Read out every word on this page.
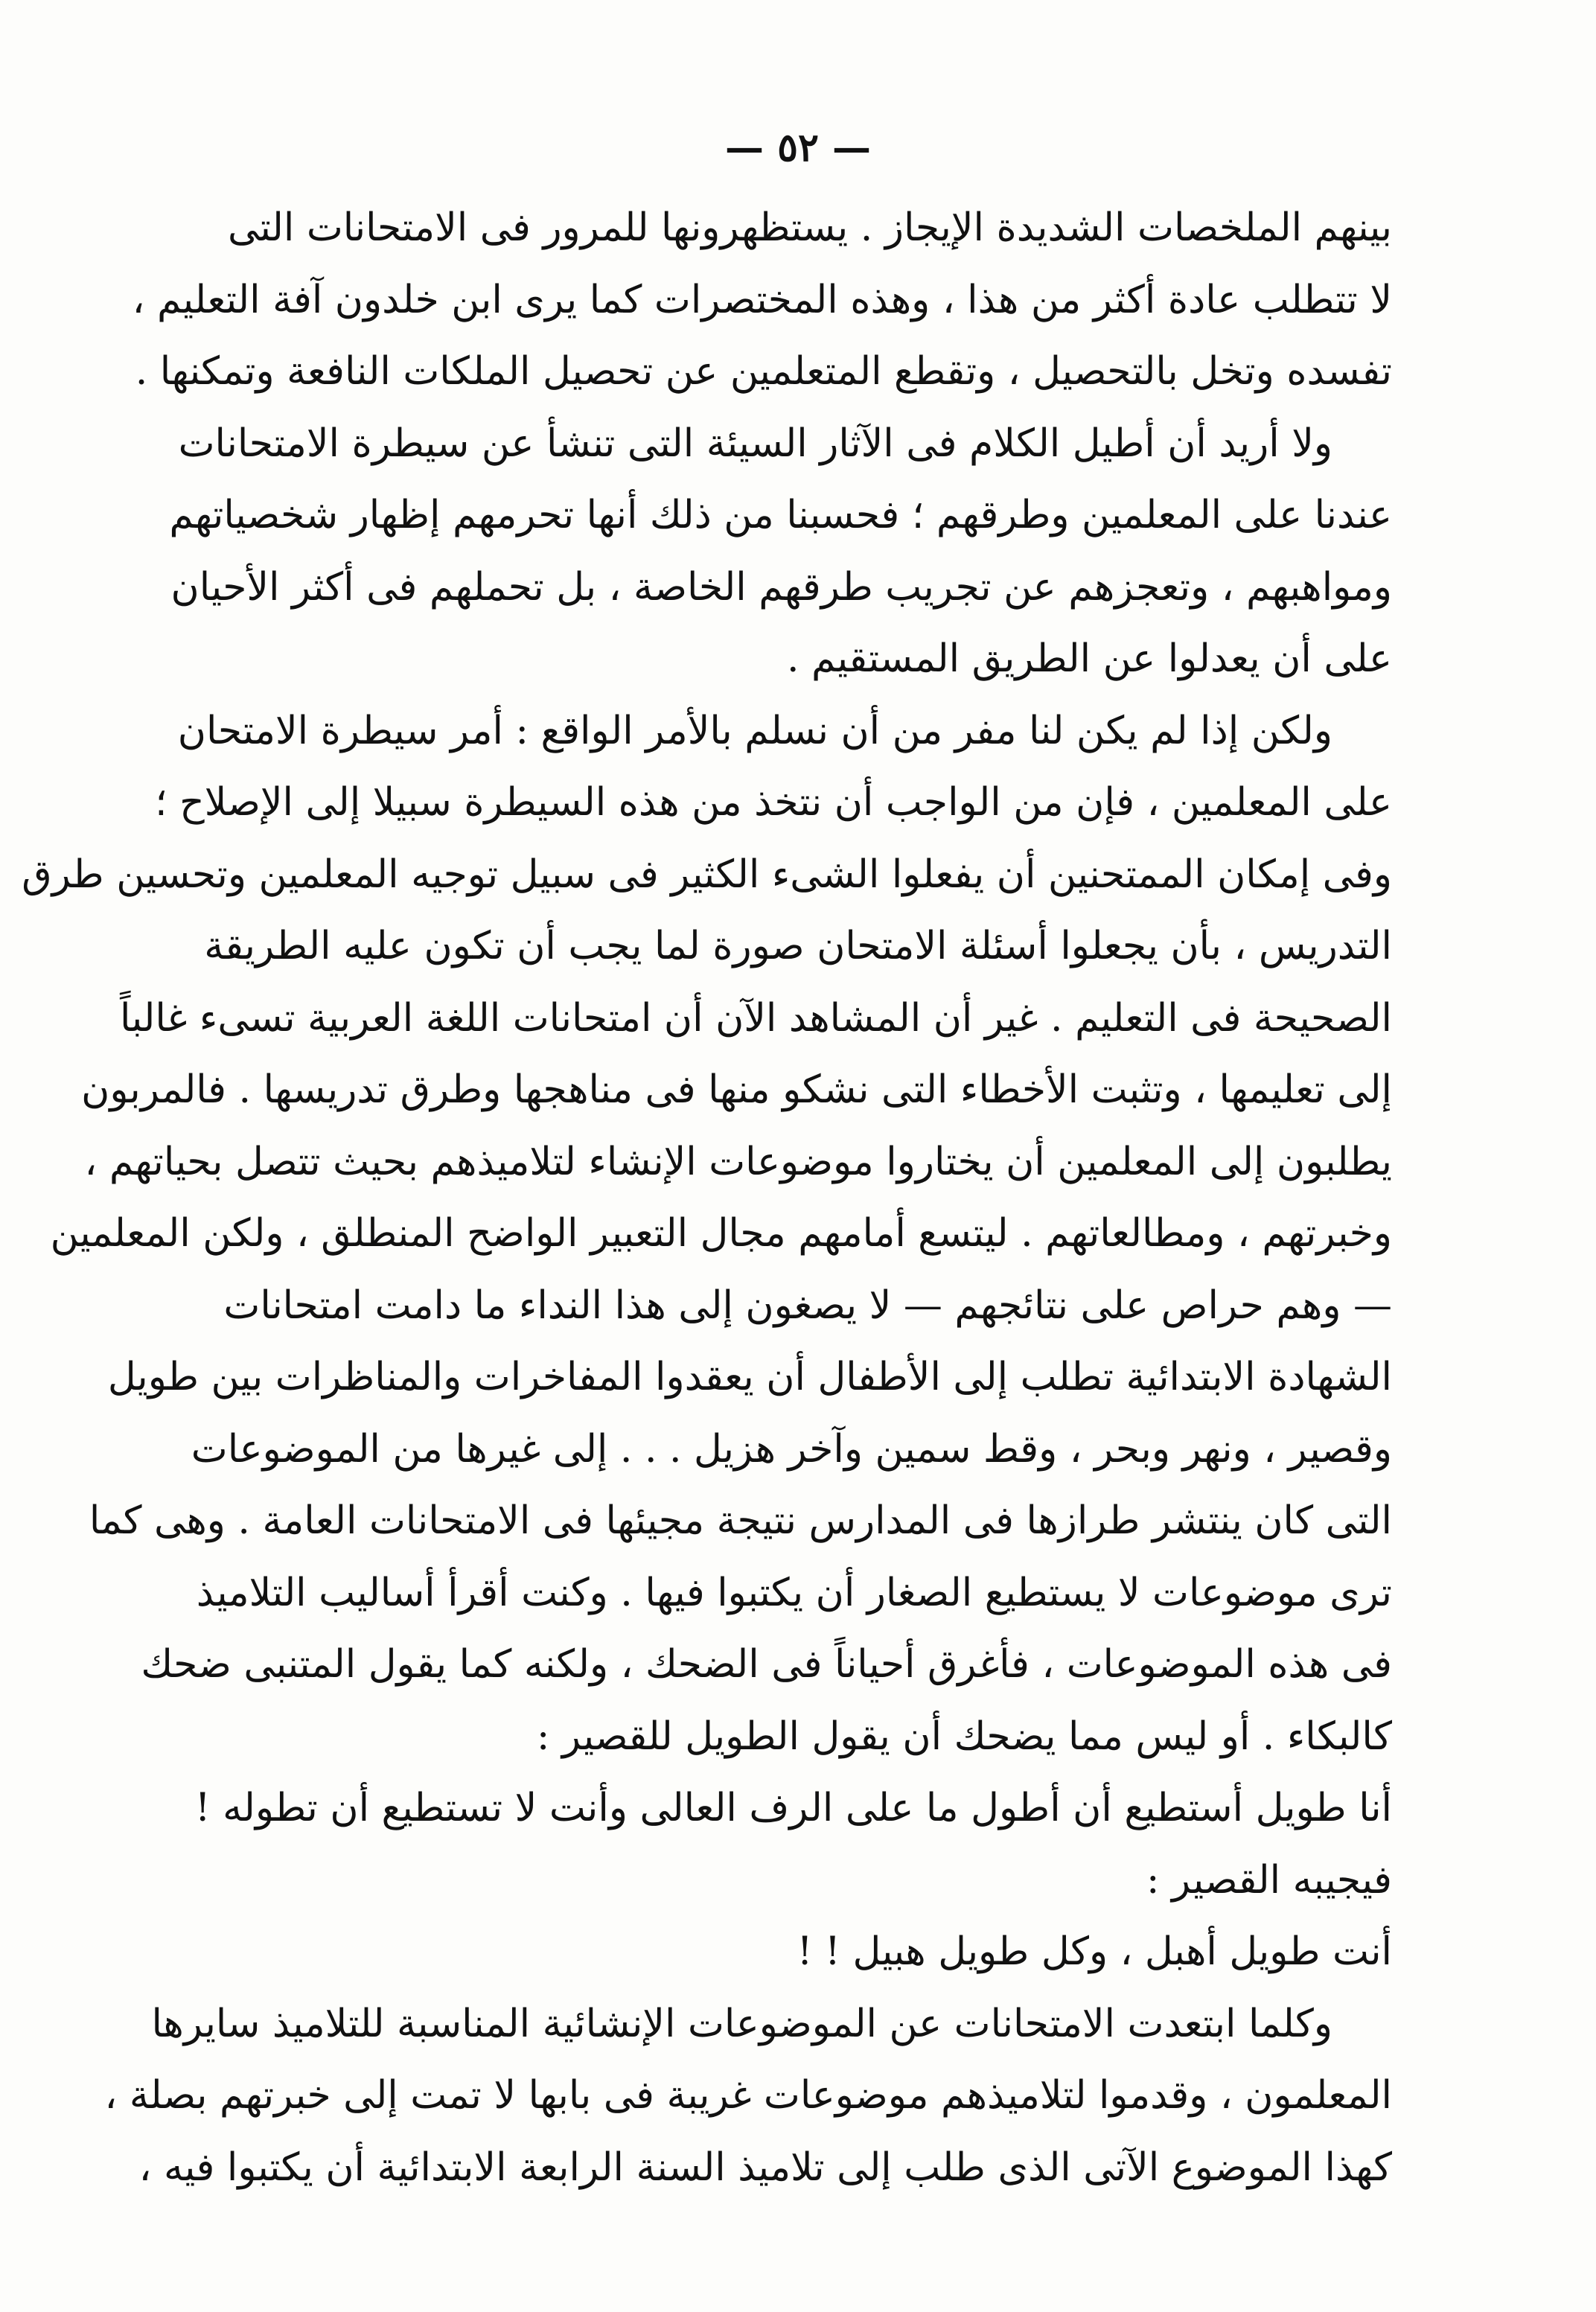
— ٥٢ —
بينهم الملخصات الشديدة الإيجاز . يستظهرونها للمرور فى الامتحانات التى
لا تتطلب عادة أكثر من هذا ، وهذه المختصرات كما يرى ابن خلدون آفة التعليم ،
تفسده وتخل بالتحصيل ، وتقطع المتعلمين عن تحصيل الملكات النافعة وتمكنها .
ولا أريد أن أطيل الكلام فى الآثار السيئة التى تنشأ عن سيطرة الامتحانات
عندنا على المعلمين وطرقهم ؛ فحسبنا من ذلك أنها تحرمهم إظهار شخصياتهم
ومواهبهم ، وتعجزهم عن تجريب طرقهم الخاصة ، بل تحملهم فى أكثر الأحيان
على أن يعدلوا عن الطريق المستقيم .
ولكن إذا لم يكن لنا مفر من أن نسلم بالأمر الواقع : أمر سيطرة الامتحان
على المعلمين ، فإن من الواجب أن نتخذ من هذه السيطرة سبيلا إلى الإصلاح ؛
وفى إمكان الممتحنين أن يفعلوا الشىء الكثير فى سبيل توجيه المعلمين وتحسين طرق
التدريس ، بأن يجعلوا أسئلة الامتحان صورة لما يجب أن تكون عليه الطريقة
الصحيحة فى التعليم . غير أن المشاهد الآن أن امتحانات اللغة العربية تسىء غالباً
إلى تعليمها ، وتثبت الأخطاء التى نشكو منها فى مناهجها وطرق تدريسها . فالمربون
يطلبون إلى المعلمين أن يختاروا موضوعات الإنشاء لتلاميذهم بحيث تتصل بحياتهم ،
وخبرتهم ، ومطالعاتهم . ليتسع أمامهم مجال التعبير الواضح المنطلق ، ولكن المعلمين
— وهم حراص على نتائجهم — لا يصغون إلى هذا النداء ما دامت امتحانات
الشهادة الابتدائية تطلب إلى الأطفال أن يعقدوا المفاخرات والمناظرات بين طويل
وقصير ، ونهر وبحر ، وقط سمين وآخر هزيل . . . إلى غيرها من الموضوعات
التى كان ينتشر طرازها فى المدارس نتيجة مجيئها فى الامتحانات العامة . وهى كما
ترى موضوعات لا يستطيع الصغار أن يكتبوا فيها . وكنت أقرأ أساليب التلاميذ
فى هذه الموضوعات ، فأغرق أحياناً فى الضحك ، ولكنه كما يقول المتنبى ضحك
كالبكاء . أو ليس مما يضحك أن يقول الطويل للقصير :
أنا طويل أستطيع أن أطول ما على الرف العالى وأنت لا تستطيع أن تطوله !
فيجيبه القصير :
أنت طويل أهبل ، وكل طويل هبيل ! !
وكلما ابتعدت الامتحانات عن الموضوعات الإنشائية المناسبة للتلاميذ سايرها
المعلمون ، وقدموا لتلاميذهم موضوعات غريبة فى بابها لا تمت إلى خبرتهم بصلة ،
كهذا الموضوع الآتى الذى طلب إلى تلاميذ السنة الرابعة الابتدائية أن يكتبوا فيه ،
